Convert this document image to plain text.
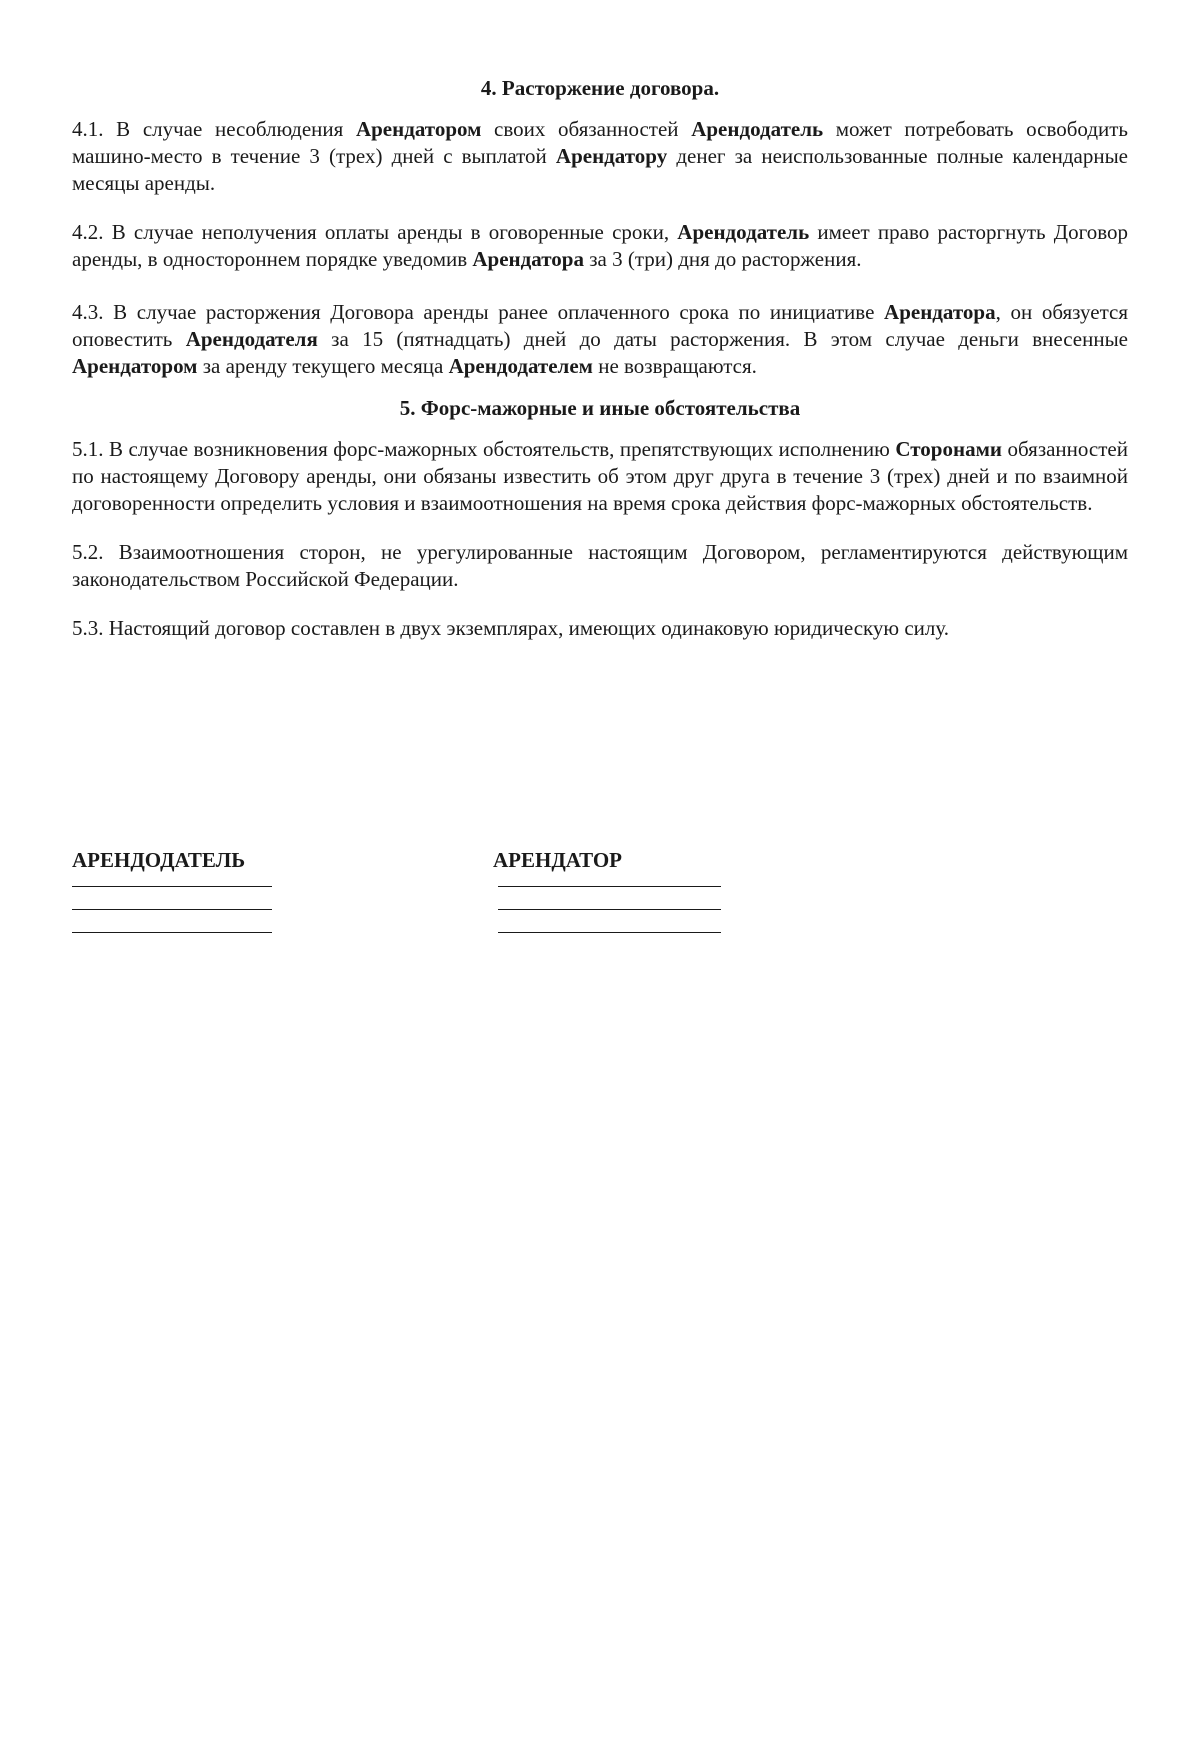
4. Расторжение договора.

4.1. В случае несоблюдения Арендатором своих обязанностей Арендодатель может потребовать освободить машино-место в течение 3 (трех) дней с выплатой Арендатору денег за неиспользованные полные календарные месяцы аренды.

4.2. В случае неполучения оплаты аренды в оговоренные сроки, Арендодатель имеет право расторгнуть Договор аренды, в одностороннем порядке уведомив Арендатора за 3 (три) дня до расторжения.

4.3. В случае расторжения Договора аренды ранее оплаченного срока по инициативе Арендатора, он обязуется оповестить Арендодателя за 15 (пятнадцать) дней до даты расторжения. В этом случае деньги внесенные Арендатором за аренду текущего месяца Арендодателем не возвращаются.

5. Форс-мажорные и иные обстоятельства

5.1. В случае возникновения форс-мажорных обстоятельств, препятствующих исполнению Сторонами обязанностей по настоящему Договору аренды, они обязаны известить об этом друг друга в течение 3 (трех) дней и по взаимной договоренности определить условия и взаимоотношения на время срока действия форс-мажорных обстоятельств.

5.2. Взаимоотношения сторон, не урегулированные настоящим Договором, регламентируются действующим законодательством Российской Федерации.

5.3. Настоящий договор составлен в двух экземплярах, имеющих одинаковую юридическую силу.

АРЕНДОДАТЕЛЬ	АРЕНДАТОР
